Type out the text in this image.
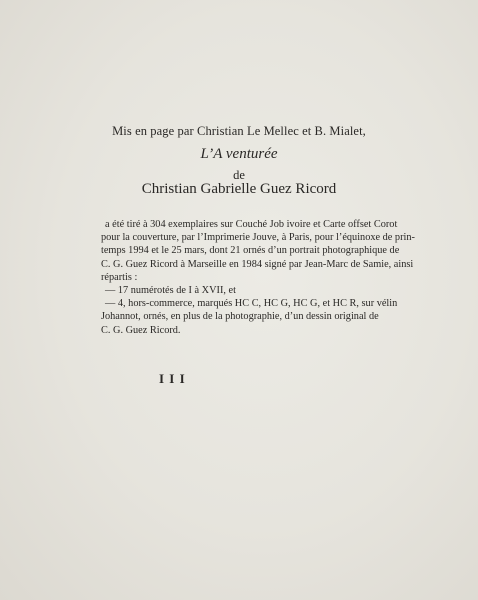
Mis en page par Christian Le Mellec et B. Mialet,
L’A venturée
de
Christian Gabrielle Guez Ricord
a été tiré à 304 exemplaires sur Couché Job ivoire et Carte offset Corot
pour la couverture, par l’Imprimerie Jouve, à Paris, pour l’équinoxe de prin-
temps 1994 et le 25 mars, dont 21 ornés d’un portrait photographique de
C. G. Guez Ricord à Marseille en 1984 signé par Jean-Marc de Samie, ainsi
répartis :
— 17 numérotés de I à XVII, et
— 4, hors-commerce, marqués HC C, HC G, HC G, et HC R, sur vélin
Johannot, ornés, en plus de la photographie, d’un dessin original de
C. G. Guez Ricord.
I I I
